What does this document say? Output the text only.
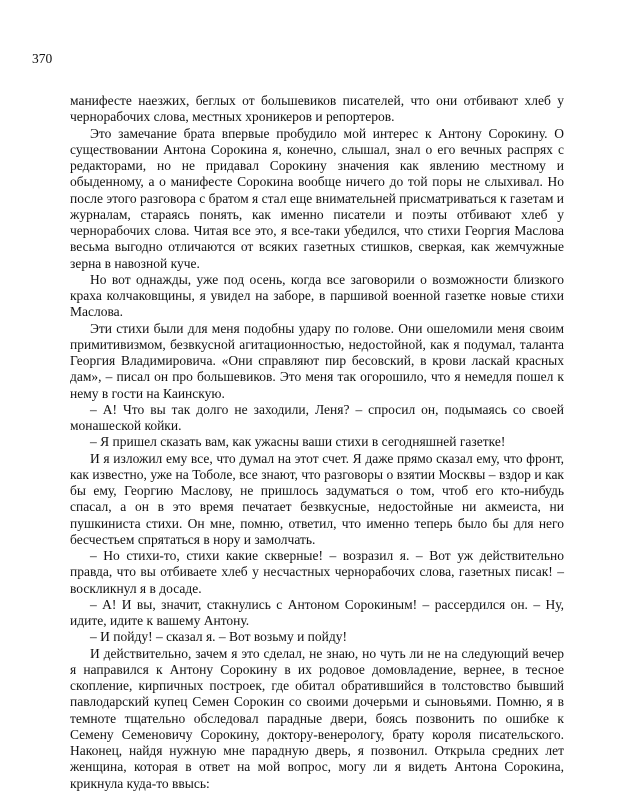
370

манифесте наезжих, беглых от большевиков писателей, что они отбивают хлеб у чернорабочих слова, местных хроникеров и репортеров.

Это замечание брата впервые пробудило мой интерес к Антону Сорокину. О существовании Антона Сорокина я, конечно, слышал, знал о его вечных распрях с редакторами, но не придавал Сорокину значения как явлению местному и обыденному, а о манифесте Сорокина вообще ничего до той поры не слыхивал. Но после этого разговора с братом я стал еще внимательней присматриваться к газетам и журналам, стараясь понять, как именно писатели и поэты отбивают хлеб у чернорабочих слова. Читая все это, я все-таки убедился, что стихи Георгия Маслова весьма выгодно отличаются от всяких газетных стишков, сверкая, как жемчужные зерна в навозной куче.

Но вот однажды, уже под осень, когда все заговорили о возможности близкого краха колчаковщины, я увидел на заборе, в паршивой военной газетке новые стихи Маслова.

Эти стихи были для меня подобны удару по голове. Они ошеломили меня своим примитивизмом, безвкусной агитационностью, недостойной, как я подумал, таланта Георгия Владимировича. «Они справляют пир бесовский, в крови ласкай красных дам», – писал он про большевиков. Это меня так огорошило, что я немедля пошел к нему в гости на Каинскую.

– А! Что вы так долго не заходили, Леня? – спросил он, подымаясь со своей монашеской койки.

– Я пришел сказать вам, как ужасны ваши стихи в сегодняшней газетке!

И я изложил ему все, что думал на этот счет. Я даже прямо сказал ему, что фронт, как известно, уже на Тоболе, все знают, что разговоры о взятии Москвы – вздор и как бы ему, Георгию Маслову, не пришлось задуматься о том, чтоб его кто-нибудь спасал, а он в это время печатает безвкусные, недостойные ни акмеиста, ни пушкиниста стихи. Он мне, помню, ответил, что именно теперь было бы для него бесчестьем спрятаться в нору и замолчать.

– Но стихи-то, стихи какие скверные! – возразил я. – Вот уж действительно правда, что вы отбиваете хлеб у несчастных чернорабочих слова, газетных писак! – воскликнул я в досаде.

– А! И вы, значит, стакнулись с Антоном Сорокиным! – рассердился он. – Ну, идите, идите к вашему Антону.

– И пойду! – сказал я. – Вот возьму и пойду!

И действительно, зачем я это сделал, не знаю, но чуть ли не на следующий вечер я направился к Антону Сорокину в их родовое домовладение, вернее, в тесное скопление, кирпичных построек, где обитал обратившийся в толстовство бывший павлодарский купец Семен Сорокин со своими дочерьми и сыновьями. Помню, я в темноте тщательно обследовал парадные двери, боясь позвонить по ошибке к Семену Семеновичу Сорокину, доктору-венерологу, брату короля писательского. Наконец, найдя нужную мне парадную дверь, я позвонил. Открыла средних лет женщина, которая в ответ на мой вопрос, могу ли я видеть Антона Сорокина, крикнула куда-то ввысь:
